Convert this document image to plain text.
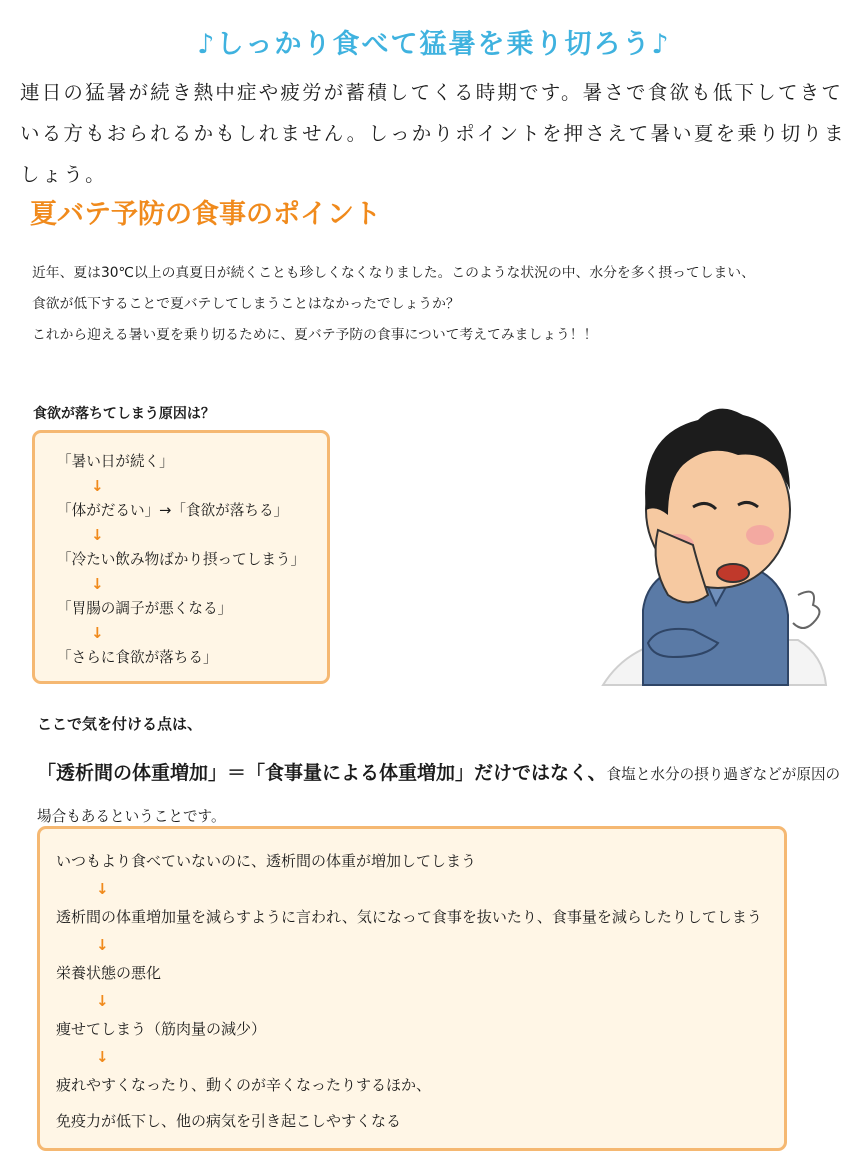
♪しっかり食べて猛暑を乗り切ろう♪
連日の猛暑が続き熱中症や疲労が蓄積してくる時期です。暑さで食欲も低下してきている方もおられるかもしれません。しっかりポイントを押さえて暑い夏を乗り切りましょう。
夏バテ予防の食事のポイント
近年、夏は30℃以上の真夏日が続くことも珍しくなくなりました。このような状況の中、水分を多く摂ってしまい、
食欲が低下することで夏バテしてしまうことはなかったでしょうか？
これから迎える暑い夏を乗り切るために、夏バテ予防の食事について考えてみましょう！！
食欲が落ちてしまう原因は？
「暑い日が続く」
↓
「体がだるい」→「食欲が落ちる」
↓
「冷たい飲み物ばかり摂ってしまう」
↓
「胃腸の調子が悪くなる」
↓
「さらに食欲が落ちる」
ここで気を付ける点は、
「透析間の体重増加」＝「食事量による体重増加」だけではなく、食塩と水分の摂り過ぎなどが原因の場合もあるということです。
いつもより食べていないのに、透析間の体重が増加してしまう
↓
透析間の体重増加量を減らすように言われ、気になって食事を抜いたり、食事量を減らしたりしてしまう
↓
栄養状態の悪化
↓
痩せてしまう（筋肉量の減少）
↓
疲れやすくなったり、動くのが辛くなったりするほか、
免疫力が低下し、他の病気を引き起こしやすくなる
